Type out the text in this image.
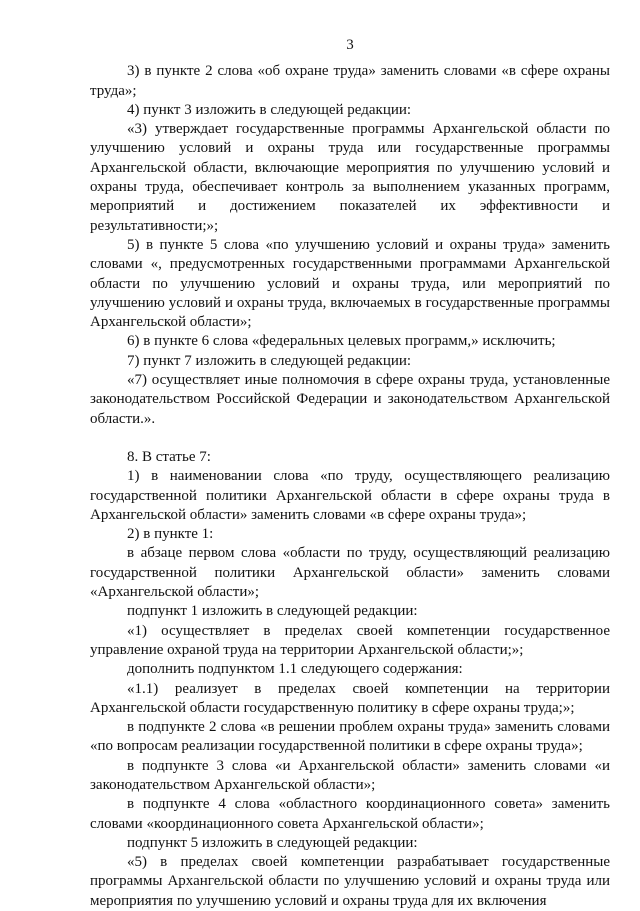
3

3) в пункте 2 слова «об охране труда» заменить словами «в сфере охраны труда»;

4) пункт 3 изложить в следующей редакции:

«3) утверждает государственные программы Архангельской области по улучшению условий и охраны труда или государственные программы Архангельской области, включающие мероприятия по улучшению условий и охраны труда, обеспечивает контроль за выполнением указанных программ, мероприятий и достижением показателей их эффективности и результативности;»;

5) в пункте 5 слова «по улучшению условий и охраны труда» заменить словами «, предусмотренных государственными программами Архангельской области по улучшению условий и охраны труда, или мероприятий по улучшению условий и охраны труда, включаемых в государственные программы Архангельской области»;

6) в пункте 6 слова «федеральных целевых программ,» исключить;

7) пункт 7 изложить в следующей редакции:

«7) осуществляет иные полномочия в сфере охраны труда, установленные законодательством Российской Федерации и законодательством Архангельской области.».

8. В статье 7:

1) в наименовании слова «по труду, осуществляющего реализацию государственной политики Архангельской области в сфере охраны труда в Архангельской области» заменить словами «в сфере охраны труда»;

2) в пункте 1:

в абзаце первом слова «области по труду, осуществляющий реализацию государственной политики Архангельской области» заменить словами «Архангельской области»;

подпункт 1 изложить в следующей редакции:

«1) осуществляет в пределах своей компетенции государственное управление охраной труда на территории Архангельской области;»;

дополнить подпунктом 1.1 следующего содержания:

«1.1) реализует в пределах своей компетенции на территории Архангельской области государственную политику в сфере охраны труда;»;

в подпункте 2 слова «в решении проблем охраны труда» заменить словами «по вопросам реализации государственной политики в сфере охраны труда»;

в подпункте 3 слова «и Архангельской области» заменить словами «и законодательством Архангельской области»;

в подпункте 4 слова «областного координационного совета» заменить словами «координационного совета Архангельской области»;

подпункт 5 изложить в следующей редакции:

«5) в пределах своей компетенции разрабатывает государственные программы Архангельской области по улучшению условий и охраны труда или мероприятия по улучшению условий и охраны труда для их включения
